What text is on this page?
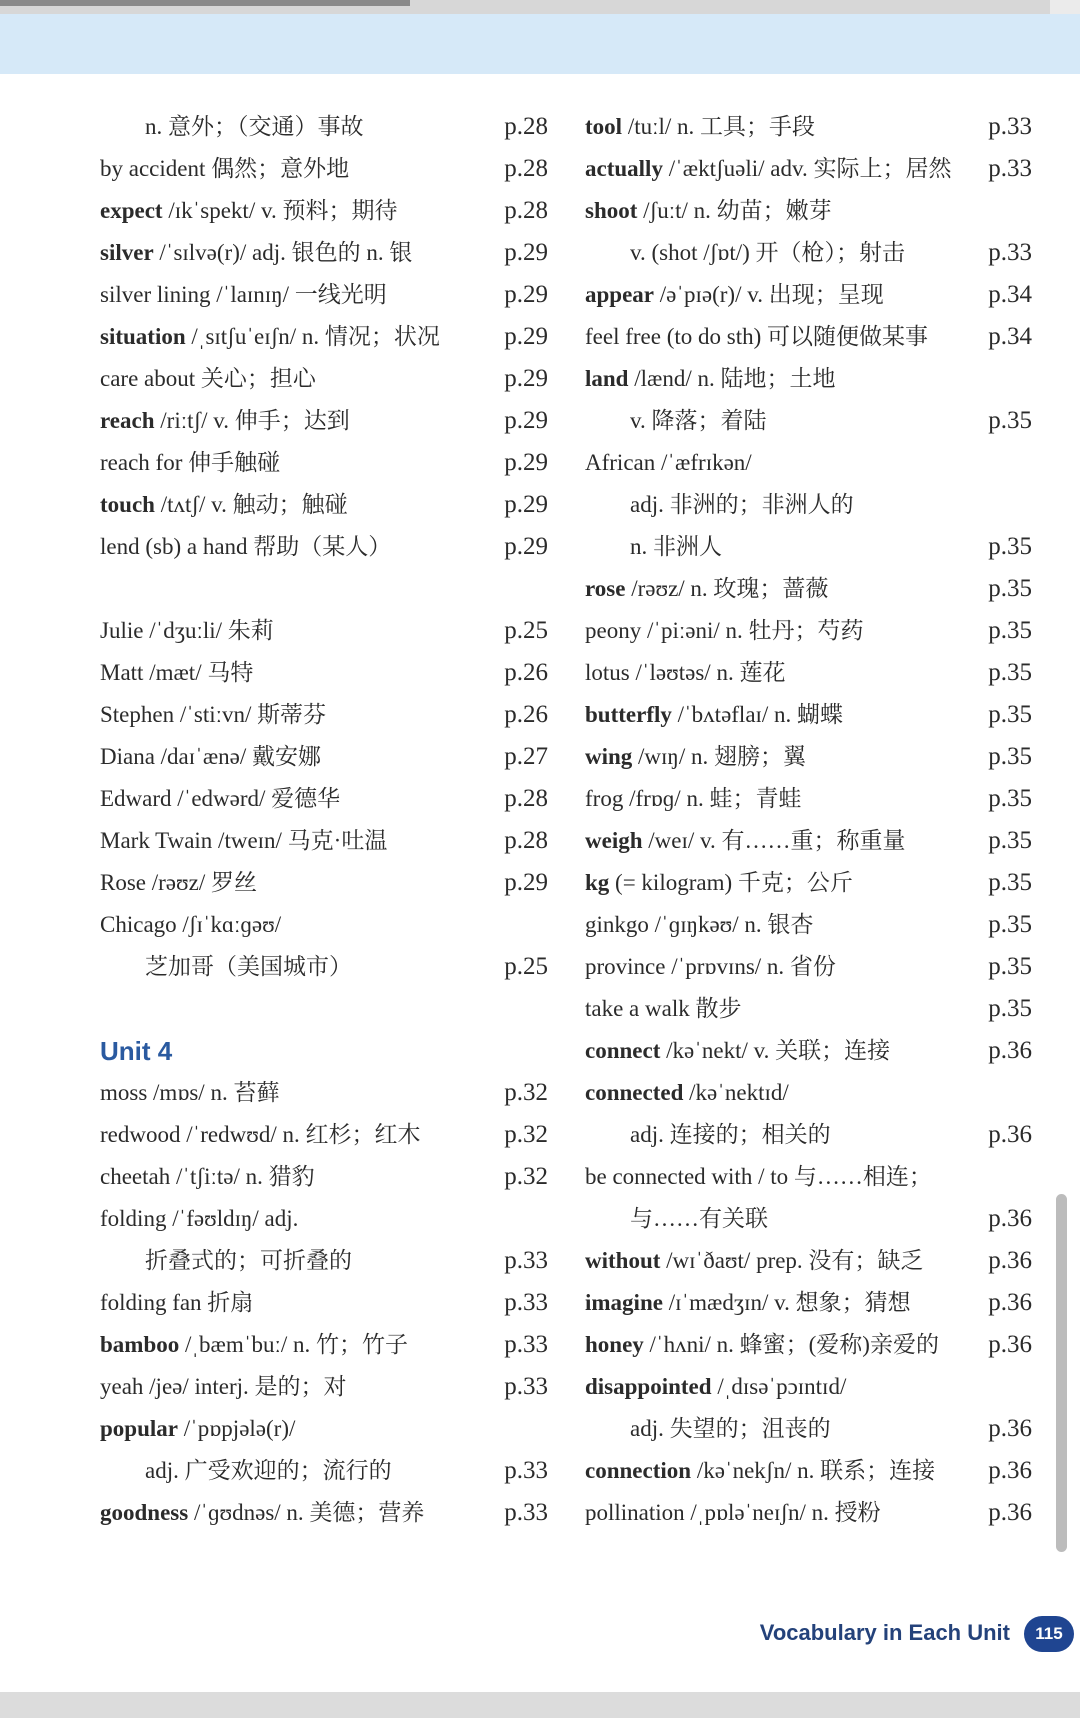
n. 意外；（交通）事故	p.28
by accident 偶然；意外地	p.28
expect /ɪkˈspekt/ v. 预料；期待	p.28
silver /ˈsɪlvə(r)/ adj. 银色的 n. 银	p.29
silver lining /ˈlaɪnɪŋ/ 一线光明	p.29
situation /ˌsɪtʃuˈeɪʃn/ n. 情况；状况	p.29
care about 关心；担心	p.29
reach /riːtʃ/ v. 伸手；达到	p.29
reach for 伸手触碰	p.29
touch /tʌtʃ/ v. 触动；触碰	p.29
lend (sb) a hand 帮助（某人）	p.29
Julie /ˈdʒuːli/ 朱莉	p.25
Matt /mæt/ 马特	p.26
Stephen /ˈstiːvn/ 斯蒂芬	p.26
Diana /daɪˈænə/ 戴安娜	p.27
Edward /ˈedwərd/ 爱德华	p.28
Mark Twain /tweɪn/ 马克·吐温	p.28
Rose /rəʊz/ 罗丝	p.29
Chicago /ʃɪˈkɑːɡəʊ/
芝加哥（美国城市）	p.25
Unit 4
moss /mɒs/ n. 苔藓	p.32
redwood /ˈredwʊd/ n. 红杉；红木	p.32
cheetah /ˈtʃiːtə/ n. 猎豹	p.32
folding /ˈfəʊldɪŋ/ adj.
折叠式的；可折叠的	p.33
folding fan 折扇	p.33
bamboo /ˌbæmˈbuː/ n. 竹；竹子	p.33
yeah /jeə/ interj. 是的；对	p.33
popular /ˈpɒpjələ(r)/
adj. 广受欢迎的；流行的	p.33
goodness /ˈɡʊdnəs/ n. 美德；营养	p.33
tool /tuːl/ n. 工具；手段	p.33
actually /ˈæktʃuəli/ adv. 实际上；居然 p.33
shoot /ʃuːt/ n. 幼苗；嫩芽
v. (shot /ʃɒt/) 开（枪）；射击	p.33
appear /əˈpɪə(r)/ v. 出现；呈现	p.34
feel free (to do sth) 可以随便做某事 p.34
land /lænd/ n. 陆地；土地
v. 降落；着陆	p.35
African /ˈæfrɪkən/
adj. 非洲的；非洲人的
n. 非洲人	p.35
rose /rəʊz/ n. 玫瑰；蔷薇	p.35
peony /ˈpiːəni/ n. 牡丹；芍药	p.35
lotus /ˈləʊtəs/ n. 莲花	p.35
butterfly /ˈbʌtəflaɪ/ n. 蝴蝶	p.35
wing /wɪŋ/ n. 翅膀；翼	p.35
frog /frɒɡ/ n. 蛙；青蛙	p.35
weigh /weɪ/ v. 有……重；称重量	p.35
kg (= kilogram) 千克；公斤	p.35
ginkgo /ˈɡɪŋkəʊ/ n. 银杏	p.35
province /ˈprɒvɪns/ n. 省份	p.35
take a walk 散步	p.35
connect /kəˈnekt/ v. 关联；连接	p.36
connected /kəˈnektɪd/
adj. 连接的；相关的	p.36
be connected with / to 与……相连；
与……有关联	p.36
without /wɪˈðaʊt/ prep. 没有；缺乏	p.36
imagine /ɪˈmædʒɪn/ v. 想象；猜想	p.36
honey /ˈhʌni/ n. 蜂蜜；(爱称)亲爱的 p.36
disappointed /ˌdɪsəˈpɔɪntɪd/
adj. 失望的；沮丧的	p.36
connection /kəˈnekʃn/ n. 联系；连接 p.36
pollination /ˌpɒləˈneɪʃn/ n. 授粉	p.36
Vocabulary in Each Unit	115
